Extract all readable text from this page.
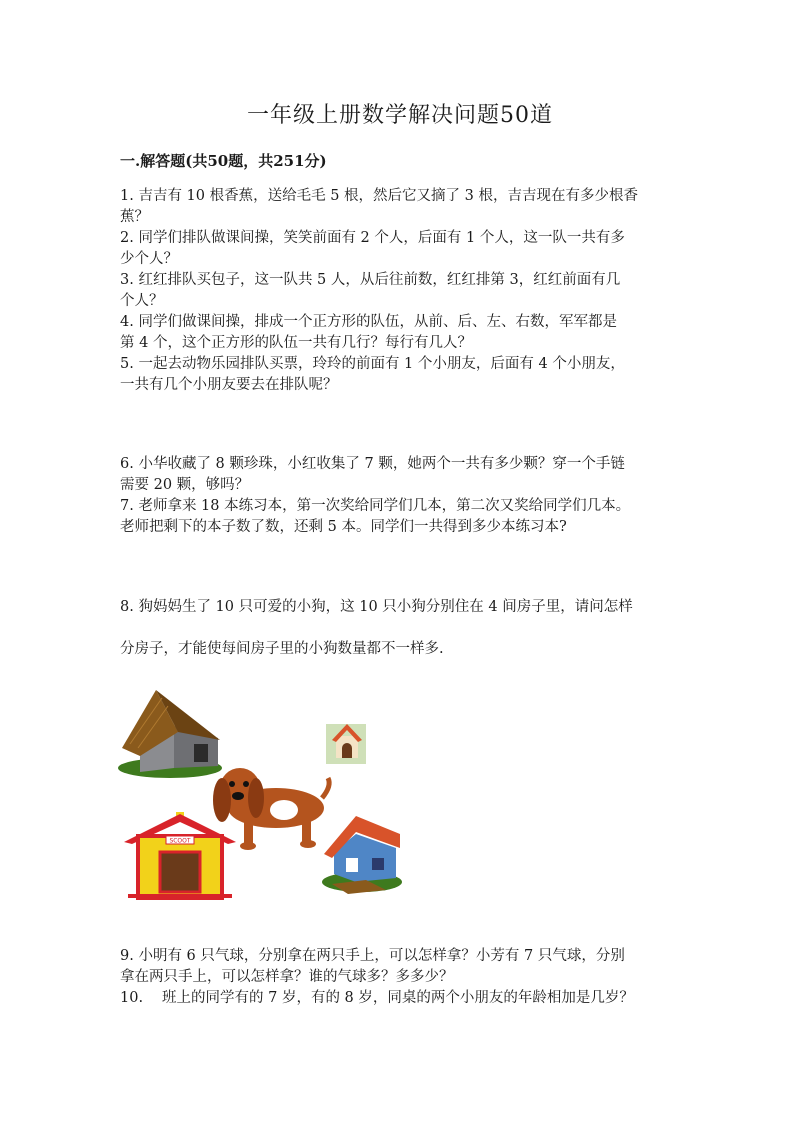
一年级上册数学解决问题50道
一.解答题(共50题，共251分)

1. 吉吉有 10 根香蕉，送给毛毛 5 根，然后它又摘了 3 根，吉吉现在有多少根香

蕉？

2. 同学们排队做课间操，笑笑前面有 2 个人，后面有 1 个人，这一队一共有多

少个人？

3. 红红排队买包子，这一队共 5 人，从后往前数，红红排第 3，红红前面有几

个人？

4. 同学们做课间操，排成一个正方形的队伍，从前、后、左、右数，军军都是

第 4 个，这个正方形的队伍一共有几行？每行有几人？

5. 一起去动物乐园排队买票，玲玲的前面有 1 个小朋友，后面有 4 个小朋友，

一共有几个小朋友要去在排队呢？

6. 小华收藏了 8 颗珍珠，小红收集了 7 颗，她两个一共有多少颗？穿一个手链

需要 20 颗，够吗？

7. 老师拿来 18 本练习本，第一次奖给同学们几本，第二次又奖给同学们几本。

老师把剩下的本子数了数，还剩 5 本。同学们一共得到多少本练习本?

8. 狗妈妈生了 10 只可爱的小狗，这 10 只小狗分别住在 4 间房子里，请问怎样

分房子，才能使每间房子里的小狗数量都不一样多.

SCOOT

9. 小明有 6 只气球，分别拿在两只手上，可以怎样拿？小芳有 7 只气球，分别

拿在两只手上，可以怎样拿？谁的气球多？多多少？

10. 班上的同学有的 7 岁，有的 8 岁，同桌的两个小朋友的年龄相加是几岁？
